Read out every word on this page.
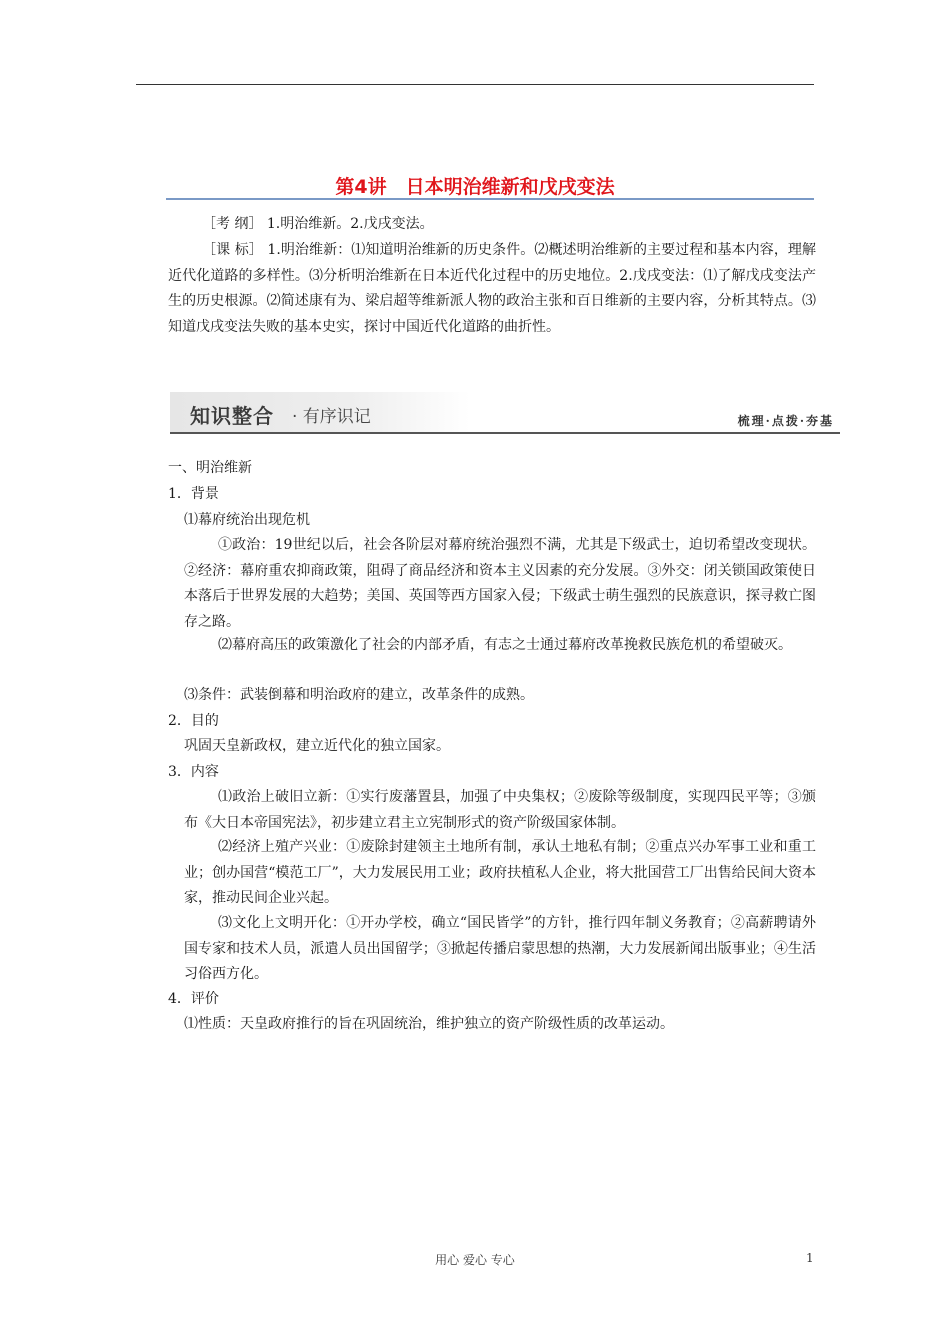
第4讲　日本明治维新和戊戌变法

［考 纲］ 1.明治维新。2.戊戌变法。

［课 标］ 1.明治维新：⑴知道明治维新的历史条件。⑵概述明治维新的主要过程和基本内容，理解近代化道路的多样性。⑶分析明治维新在日本近代化过程中的历史地位。2.戊戌变法：⑴了解戊戌变法产生的历史根源。⑵简述康有为、梁启超等维新派人物的政治主张和百日维新的主要内容，分析其特点。⑶知道戊戌变法失败的基本史实，探讨中国近代化道路的曲折性。

知识整合 · 有序识记	梳理·点拨·夯基

一、明治维新

1．背景

⑴幕府统治出现危机

①政治：19世纪以后，社会各阶层对幕府统治强烈不满，尤其是下级武士，迫切希望改变现状。②经济：幕府重农抑商政策，阻碍了商品经济和资本主义因素的充分发展。③外交：闭关锁国政策使日本落后于世界发展的大趋势；美国、英国等西方国家入侵；下级武士萌生强烈的民族意识，探寻救亡图存之路。

⑵幕府高压的政策激化了社会的内部矛盾，有志之士通过幕府改革挽救民族危机的希望破灭。

⑶条件：武装倒幕和明治政府的建立，改革条件的成熟。

2．目的

巩固天皇新政权，建立近代化的独立国家。

3．内容

⑴政治上破旧立新：①实行废藩置县，加强了中央集权；②废除等级制度，实现四民平等；③颁布《大日本帝国宪法》，初步建立君主立宪制形式的资产阶级国家体制。

⑵经济上殖产兴业：①废除封建领主土地所有制，承认土地私有制；②重点兴办军事工业和重工业；创办国营“模范工厂”，大力发展民用工业；政府扶植私人企业，将大批国营工厂出售给民间大资本家，推动民间企业兴起。

⑶文化上文明开化：①开办学校，确立“国民皆学”的方针，推行四年制义务教育；②高薪聘请外国专家和技术人员，派遣人员出国留学；③掀起传播启蒙思想的热潮，大力发展新闻出版事业；④生活习俗西方化。

4．评价

⑴性质：天皇政府推行的旨在巩固统治，维护独立的资产阶级性质的改革运动。

用心 爱心 专心	1
